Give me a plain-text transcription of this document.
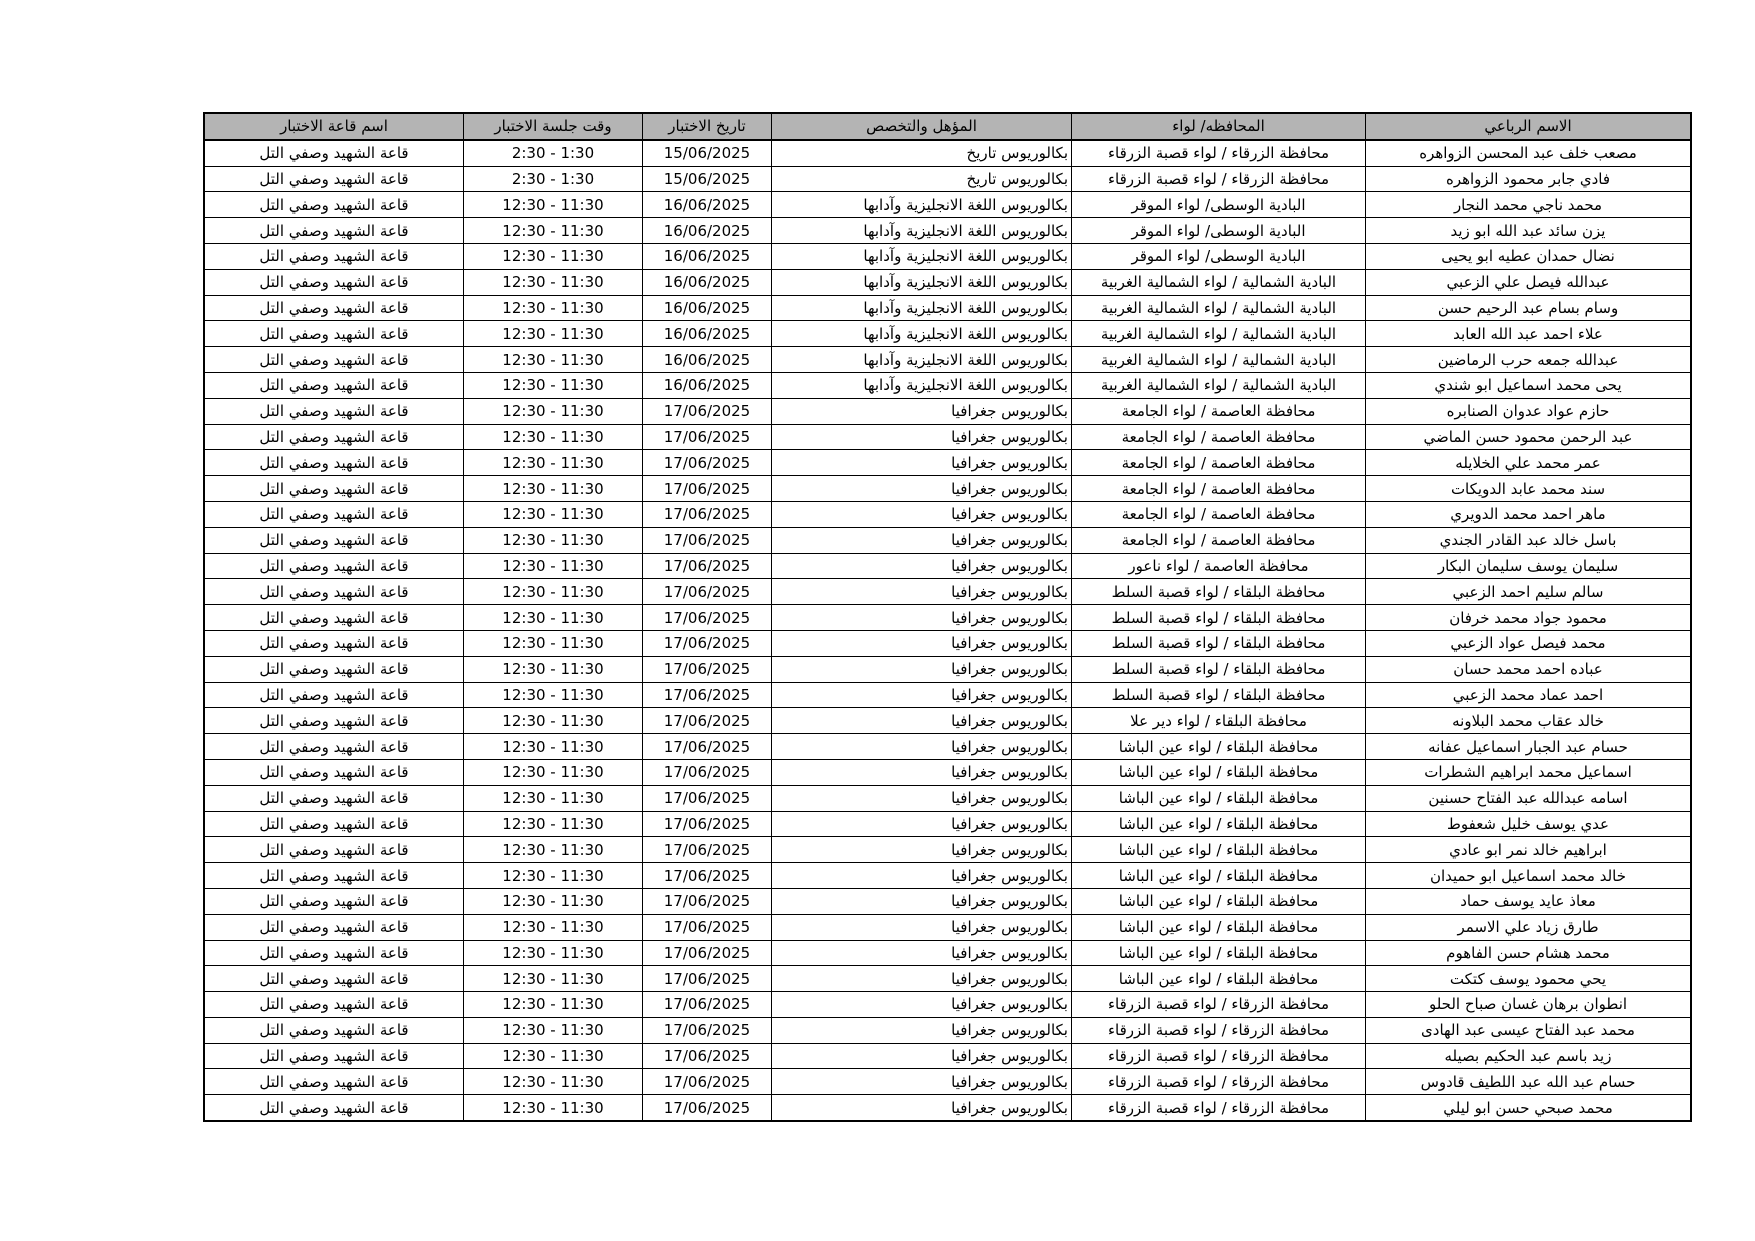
الاسم الرباعي	المحافظه/ لواء	المؤهل والتخصص	تاريخ الاختبار	وقت جلسة الاختبار	اسم قاعة الاختبار
مصعب خلف عبد المحسن الزواهره	محافظة الزرقاء / لواء قصبة الزرقاء	بكالوريوس تاريخ	15/06/2025	2:30 - 1:30	قاعة الشهيد وصفي التل
فادي جابر محمود الزواهره	محافظة الزرقاء / لواء قصبة الزرقاء	بكالوريوس تاريخ	15/06/2025	2:30 - 1:30	قاعة الشهيد وصفي التل
محمد ناجي محمد النجار	البادية الوسطى/ لواء الموقر	بكالوريوس اللغة الانجليزية وآدابها	16/06/2025	12:30 - 11:30	قاعة الشهيد وصفي التل
يزن سائد عبد الله ابو زيد	البادية الوسطى/ لواء الموقر	بكالوريوس اللغة الانجليزية وآدابها	16/06/2025	12:30 - 11:30	قاعة الشهيد وصفي التل
نضال حمدان عطيه ابو يحيى	البادية الوسطى/ لواء الموقر	بكالوريوس اللغة الانجليزية وآدابها	16/06/2025	12:30 - 11:30	قاعة الشهيد وصفي التل
عبدالله فيصل علي الزعبي	البادية الشمالية / لواء الشمالية الغربية	بكالوريوس اللغة الانجليزية وآدابها	16/06/2025	12:30 - 11:30	قاعة الشهيد وصفي التل
وسام بسام عبد الرحيم حسن	البادية الشمالية / لواء الشمالية الغربية	بكالوريوس اللغة الانجليزية وآدابها	16/06/2025	12:30 - 11:30	قاعة الشهيد وصفي التل
علاء احمد عبد الله العابد	البادية الشمالية / لواء الشمالية الغربية	بكالوريوس اللغة الانجليزية وآدابها	16/06/2025	12:30 - 11:30	قاعة الشهيد وصفي التل
عبدالله جمعه حرب الرماضين	البادية الشمالية / لواء الشمالية الغربية	بكالوريوس اللغة الانجليزية وآدابها	16/06/2025	12:30 - 11:30	قاعة الشهيد وصفي التل
يحى محمد اسماعيل ابو شندي	البادية الشمالية / لواء الشمالية الغربية	بكالوريوس اللغة الانجليزية وآدابها	16/06/2025	12:30 - 11:30	قاعة الشهيد وصفي التل
حازم عواد عدوان الصنابره	محافظة العاصمة / لواء الجامعة	بكالوريوس جغرافيا	17/06/2025	12:30 - 11:30	قاعة الشهيد وصفي التل
عبد الرحمن محمود حسن الماضي	محافظة العاصمة / لواء الجامعة	بكالوريوس جغرافيا	17/06/2025	12:30 - 11:30	قاعة الشهيد وصفي التل
عمر محمد علي الخلايله	محافظة العاصمة / لواء الجامعة	بكالوريوس جغرافيا	17/06/2025	12:30 - 11:30	قاعة الشهيد وصفي التل
سند محمد عابد الدويكات	محافظة العاصمة / لواء الجامعة	بكالوريوس جغرافيا	17/06/2025	12:30 - 11:30	قاعة الشهيد وصفي التل
ماهر احمد محمد الدويري	محافظة العاصمة / لواء الجامعة	بكالوريوس جغرافيا	17/06/2025	12:30 - 11:30	قاعة الشهيد وصفي التل
باسل خالد عبد القادر الجندي	محافظة العاصمة / لواء الجامعة	بكالوريوس جغرافيا	17/06/2025	12:30 - 11:30	قاعة الشهيد وصفي التل
سليمان يوسف سليمان البكار	محافظة العاصمة / لواء ناعور	بكالوريوس جغرافيا	17/06/2025	12:30 - 11:30	قاعة الشهيد وصفي التل
سالم سليم احمد الزعبي	محافظة البلقاء / لواء قصبة السلط	بكالوريوس جغرافيا	17/06/2025	12:30 - 11:30	قاعة الشهيد وصفي التل
محمود جواد محمد خرفان	محافظة البلقاء / لواء قصبة السلط	بكالوريوس جغرافيا	17/06/2025	12:30 - 11:30	قاعة الشهيد وصفي التل
محمد فيصل عواد الزعبي	محافظة البلقاء / لواء قصبة السلط	بكالوريوس جغرافيا	17/06/2025	12:30 - 11:30	قاعة الشهيد وصفي التل
عباده احمد محمد حسان	محافظة البلقاء / لواء قصبة السلط	بكالوريوس جغرافيا	17/06/2025	12:30 - 11:30	قاعة الشهيد وصفي التل
احمد عماد محمد الزعبي	محافظة البلقاء / لواء قصبة السلط	بكالوريوس جغرافيا	17/06/2025	12:30 - 11:30	قاعة الشهيد وصفي التل
خالد عقاب محمد البلاونه	محافظة البلقاء / لواء دير علا	بكالوريوس جغرافيا	17/06/2025	12:30 - 11:30	قاعة الشهيد وصفي التل
حسام عبد الجبار اسماعيل عفانه	محافظة البلقاء / لواء عين الباشا	بكالوريوس جغرافيا	17/06/2025	12:30 - 11:30	قاعة الشهيد وصفي التل
اسماعيل محمد ابراهيم الشطرات	محافظة البلقاء / لواء عين الباشا	بكالوريوس جغرافيا	17/06/2025	12:30 - 11:30	قاعة الشهيد وصفي التل
اسامه عبدالله عبد الفتاح حسنين	محافظة البلقاء / لواء عين الباشا	بكالوريوس جغرافيا	17/06/2025	12:30 - 11:30	قاعة الشهيد وصفي التل
عدي يوسف خليل شعفوط	محافظة البلقاء / لواء عين الباشا	بكالوريوس جغرافيا	17/06/2025	12:30 - 11:30	قاعة الشهيد وصفي التل
ابراهيم خالد نمر ابو عادي	محافظة البلقاء / لواء عين الباشا	بكالوريوس جغرافيا	17/06/2025	12:30 - 11:30	قاعة الشهيد وصفي التل
خالد محمد اسماعيل ابو حميدان	محافظة البلقاء / لواء عين الباشا	بكالوريوس جغرافيا	17/06/2025	12:30 - 11:30	قاعة الشهيد وصفي التل
معاذ عايد يوسف حماد	محافظة البلقاء / لواء عين الباشا	بكالوريوس جغرافيا	17/06/2025	12:30 - 11:30	قاعة الشهيد وصفي التل
طارق زياد علي الاسمر	محافظة البلقاء / لواء عين الباشا	بكالوريوس جغرافيا	17/06/2025	12:30 - 11:30	قاعة الشهيد وصفي التل
محمد هشام حسن الفاهوم	محافظة البلقاء / لواء عين الباشا	بكالوريوس جغرافيا	17/06/2025	12:30 - 11:30	قاعة الشهيد وصفي التل
يحي محمود يوسف كتكت	محافظة البلقاء / لواء عين الباشا	بكالوريوس جغرافيا	17/06/2025	12:30 - 11:30	قاعة الشهيد وصفي التل
انطوان برهان غسان صباح الحلو	محافظة الزرقاء / لواء قصبة الزرقاء	بكالوريوس جغرافيا	17/06/2025	12:30 - 11:30	قاعة الشهيد وصفي التل
محمد عبد الفتاح عيسى عبد الهادى	محافظة الزرقاء / لواء قصبة الزرقاء	بكالوريوس جغرافيا	17/06/2025	12:30 - 11:30	قاعة الشهيد وصفي التل
زيد باسم عبد الحكيم بصيله	محافظة الزرقاء / لواء قصبة الزرقاء	بكالوريوس جغرافيا	17/06/2025	12:30 - 11:30	قاعة الشهيد وصفي التل
حسام عبد الله عبد اللطيف قادوس	محافظة الزرقاء / لواء قصبة الزرقاء	بكالوريوس جغرافيا	17/06/2025	12:30 - 11:30	قاعة الشهيد وصفي التل
محمد صبحي حسن ابو ليلي	محافظة الزرقاء / لواء قصبة الزرقاء	بكالوريوس جغرافيا	17/06/2025	12:30 - 11:30	قاعة الشهيد وصفي التل
